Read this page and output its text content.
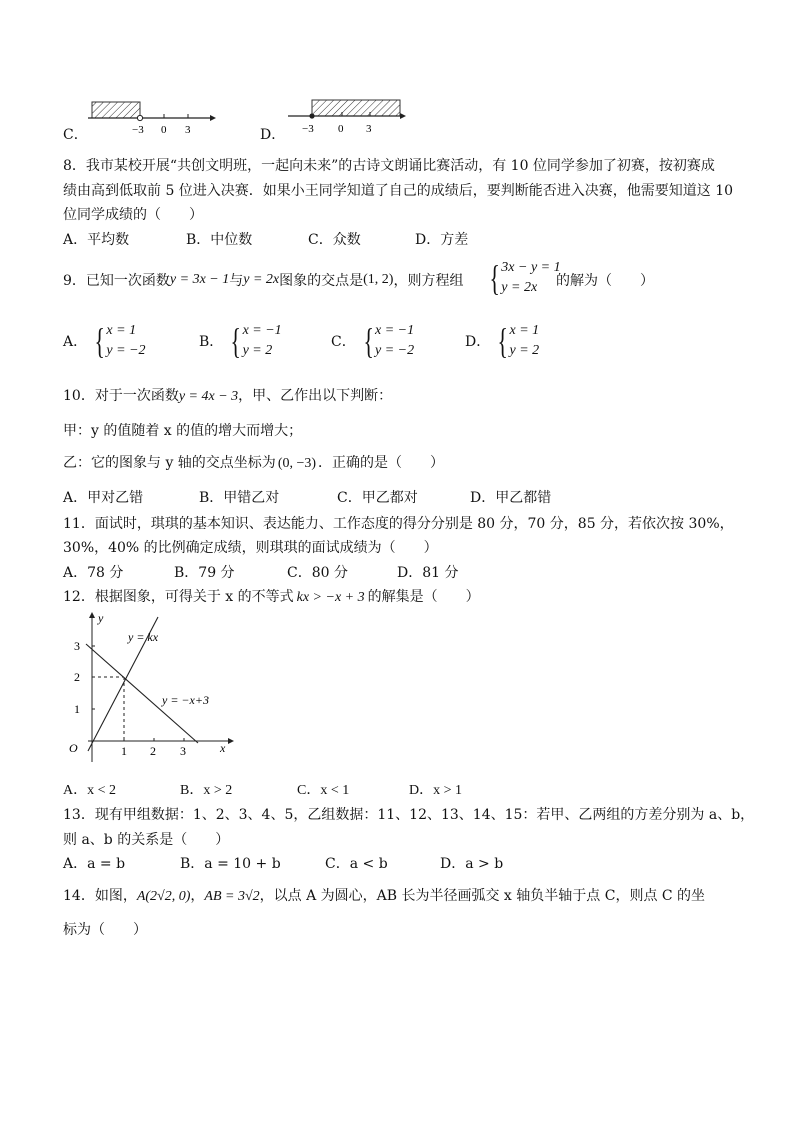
C．	−3 0 3	D． −3 0 3
8．我市某校开展“共创文明班，一起向未来”的古诗文朗诵比赛活动，有 10 位同学参加了初赛，按初赛成
绩由高到低取前 5 位进入决赛．如果小王同学知道了自己的成绩后，要判断能否进入决赛，他需要知道这 10
位同学成绩的（　　）
A．平均数	B．中位数	C．众数	D．方差
9．已知一次函数 y = 3x − 1 与 y = 2x 图象的交点是 (1, 2) ，则方程组 { 3x − y = 1
y = 2x	的解为（　　）
A． { x = 1
y = −2
B． { x = −1
y = 2
C． { x = −1
y = −2
D． { x = 1
y = 2
10．对于一次函数y = 4x − 3，甲、乙作出以下判断：
甲：y 的值随着 x 的值的增大而增大；
乙：它的图象与 y 轴的交点坐标为 (0, −3) ．正确的是（　　）
A．甲对乙错	B．甲错乙对	C．甲乙都对	D．甲乙都错
11．面试时，琪琪的基本知识、表达能力、工作态度的得分分别是 80 分，70 分，85 分，若依次按 30%，
30%，40% 的比例确定成绩，则琪琪的面试成绩为（　　）
A．78 分	B．79 分	C．80 分	D．81 分
12．根据图象，可得关于 x 的不等式 kx > −x + 3 的解集是（　　）
y
x
O
1
2
3
1 2 3
y = kx
y = −x+3
A．x < 2	B．x > 2	C．x < 1	D．x > 1
13．现有甲组数据：1、2、3、4、5，乙组数据：11、12、13、14、15：若甲、乙两组的方差分别为 a、b，
则 a、b 的关系是（　　）
A．a = b	B．a = 10 + b	C．a < b	D．a > b
14．如图，A(2√2, 0)，AB = 3√2，以点 A 为圆心，AB 长为半径画弧交 x 轴负半轴于点 C，则点 C 的坐
标为（　　）
